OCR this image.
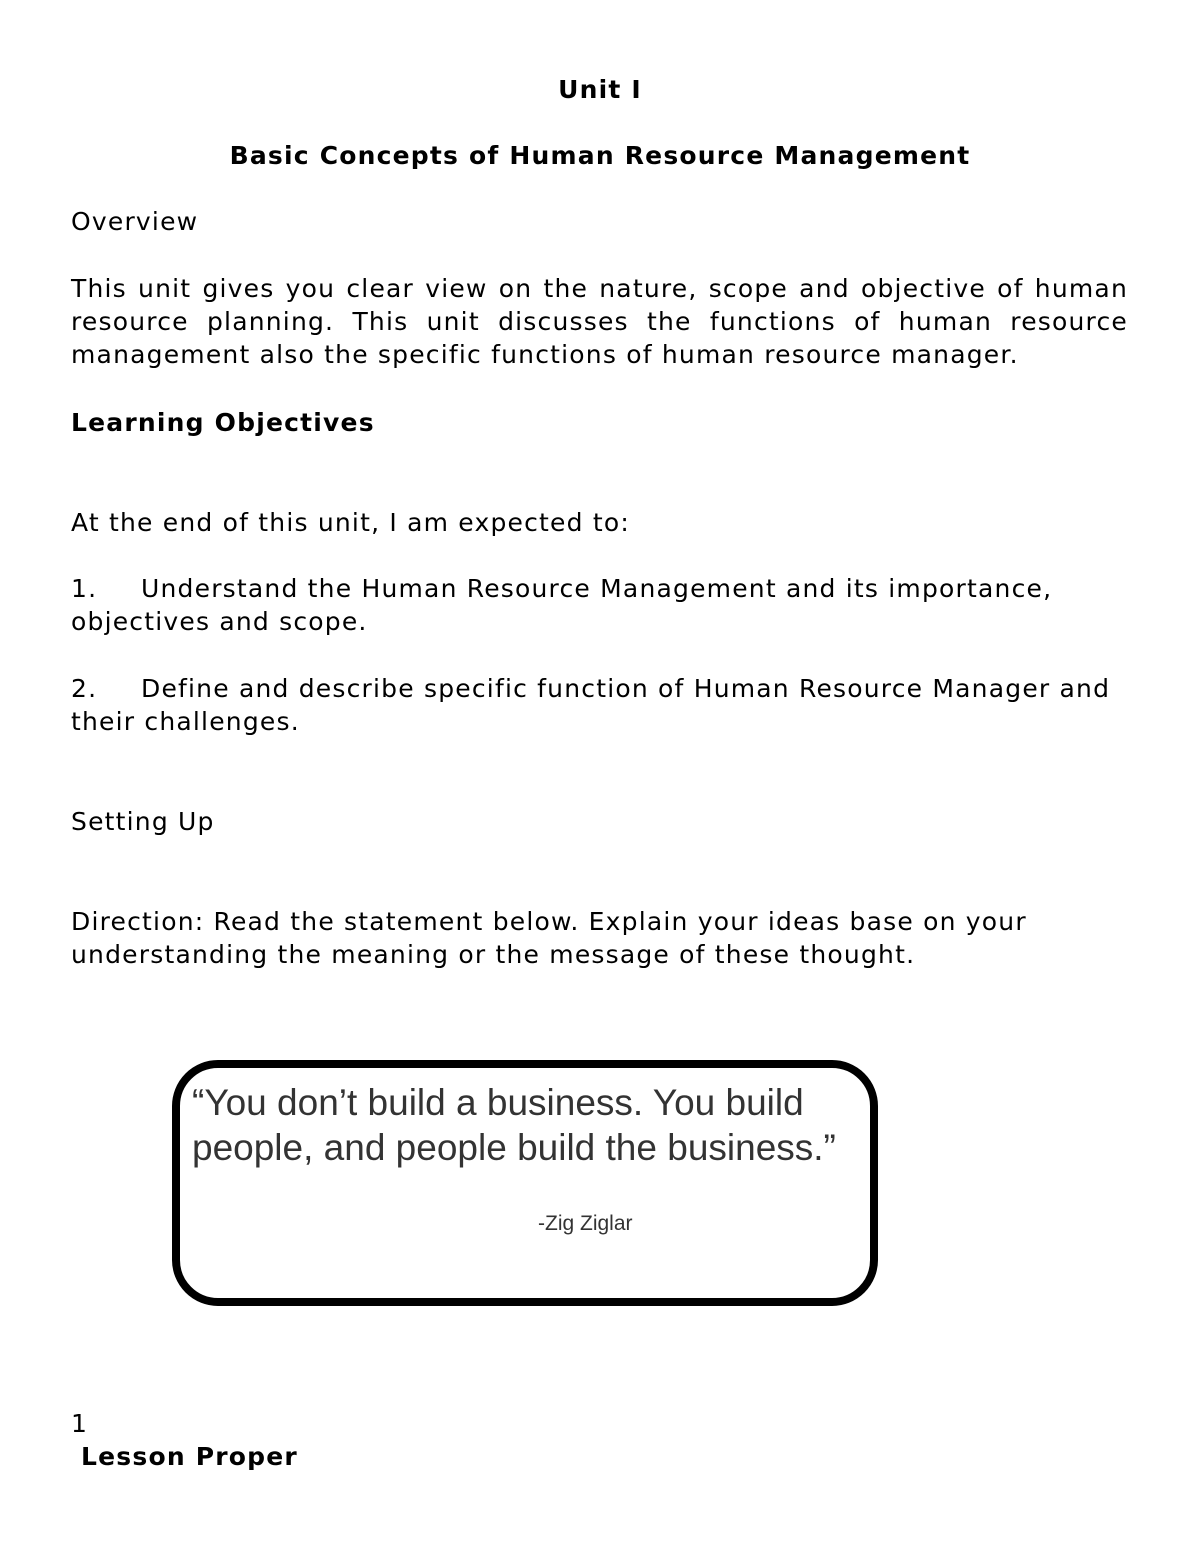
Unit I
Basic Concepts of Human Resource Management
Overview
This unit gives you clear view on the nature, scope and objective of human resource planning. This unit discusses the functions of human resource management also the specific functions of human resource manager.
Learning Objectives
At the end of this unit, I am expected to:
1. Understand the Human Resource Management and its importance,
objectives and scope.
2. Define and describe specific function of Human Resource Manager and
their challenges.
Setting Up
Direction: Read the statement below. Explain your ideas base on your
understanding the meaning or the message of these thought.
“You don’t build a business. You build people, and people build the business.”
-Zig Ziglar
1
Lesson Proper
